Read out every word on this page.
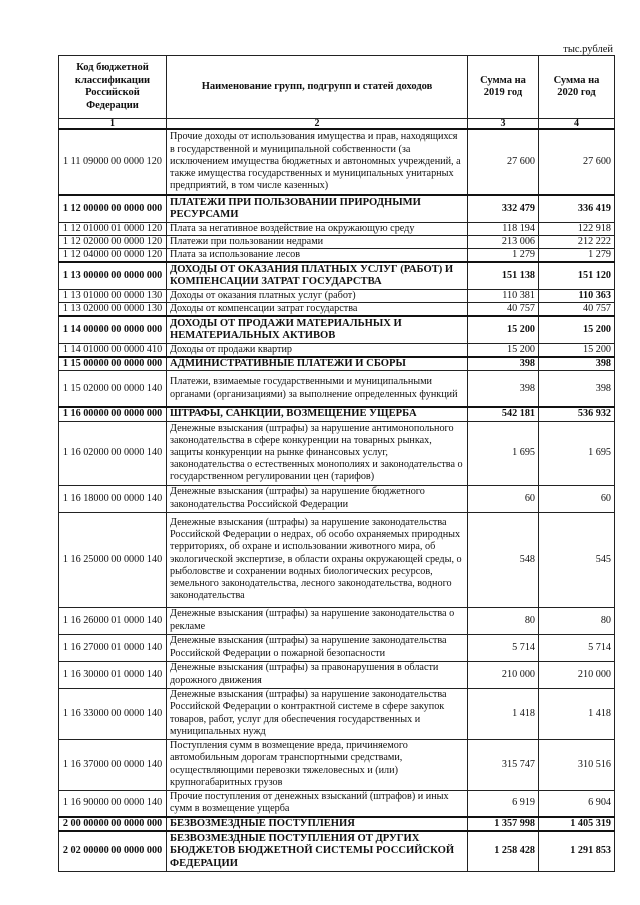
тыс.рублей
Код бюджетной классификации Российской Федерации	Наименование групп, подгрупп и статей доходов	Сумма на 2019 год	Сумма на 2020 год
1	2	3	4
1 11 09000 00 0000 120	Прочие доходы от использования имущества и прав, находящихся в государственной и муниципальной собственности (за исключением имущества бюджетных и автономных учреждений, а также имущества государственных и муниципальных унитарных предприятий, в том числе казенных)	27 600	27 600
1 12 00000 00 0000 000	ПЛАТЕЖИ ПРИ ПОЛЬЗОВАНИИ ПРИРОДНЫМИ РЕСУРСАМИ	332 479	336 419
1 12 01000 01 0000 120	Плата за негативное воздействие на окружающую среду	118 194	122 918
1 12 02000 00 0000 120	Платежи при пользовании недрами	213 006	212 222
1 12 04000 00 0000 120	Плата за использование лесов	1 279	1 279
1 13 00000 00 0000 000	ДОХОДЫ ОТ ОКАЗАНИЯ ПЛАТНЫХ УСЛУГ (РАБОТ) И КОМПЕНСАЦИИ ЗАТРАТ ГОСУДАРСТВА	151 138	151 120
1 13 01000 00 0000 130	Доходы от оказания платных услуг (работ)	110 381	110 363
1 13 02000 00 0000 130	Доходы от компенсации затрат государства	40 757	40 757
1 14 00000 00 0000 000	ДОХОДЫ ОТ ПРОДАЖИ МАТЕРИАЛЬНЫХ И НЕМАТЕРИАЛЬНЫХ АКТИВОВ	15 200	15 200
1 14 01000 00 0000 410	Доходы от продажи квартир	15 200	15 200
1 15 00000 00 0000 000	АДМИНИСТРАТИВНЫЕ ПЛАТЕЖИ И СБОРЫ	398	398
1 15 02000 00 0000 140	Платежи, взимаемые государственными и муниципальными органами (организациями) за выполнение определенных функций	398	398
1 16 00000 00 0000 000	ШТРАФЫ, САНКЦИИ, ВОЗМЕЩЕНИЕ УЩЕРБА	542 181	536 932
1 16 02000 00 0000 140	Денежные взыскания (штрафы) за нарушение антимонопольного законодательства в сфере конкуренции на товарных рынках, защиты конкуренции на рынке финансовых услуг, законодательства о естественных монополиях и законодательства о государственном регулировании цен (тарифов)	1 695	1 695
1 16 18000 00 0000 140	Денежные взыскания (штрафы) за нарушение бюджетного законодательства Российской Федерации	60	60
1 16 25000 00 0000 140	Денежные взыскания (штрафы) за нарушение законодательства Российской Федерации о недрах, об особо охраняемых природных территориях, об охране и использовании животного мира, об экологической экспертизе, в области охраны окружающей среды, о рыболовстве и сохранении водных биологических ресурсов, земельного законодательства, лесного законодательства, водного законодательства	548	545
1 16 26000 01 0000 140	Денежные взыскания (штрафы) за нарушение законодательства о рекламе	80	80
1 16 27000 01 0000 140	Денежные взыскания (штрафы) за нарушение законодательства Российской Федерации о пожарной безопасности	5 714	5 714
1 16 30000 01 0000 140	Денежные взыскания (штрафы) за правонарушения в области дорожного движения	210 000	210 000
1 16 33000 00 0000 140	Денежные взыскания (штрафы) за нарушение законодательства Российской Федерации о контрактной системе в сфере закупок товаров, работ, услуг для обеспечения государственных и муниципальных нужд	1 418	1 418
1 16 37000 00 0000 140	Поступления сумм в возмещение вреда, причиняемого автомобильным дорогам транспортными средствами, осуществляющими перевозки тяжеловесных и (или) крупногабаритных грузов	315 747	310 516
1 16 90000 00 0000 140	Прочие поступления от денежных взысканий (штрафов) и иных сумм в возмещение ущерба	6 919	6 904
2 00 00000 00 0000 000	БЕЗВОЗМЕЗДНЫЕ ПОСТУПЛЕНИЯ	1 357 998	1 405 319
2 02 00000 00 0000 000	БЕЗВОЗМЕЗДНЫЕ ПОСТУПЛЕНИЯ ОТ ДРУГИХ БЮДЖЕТОВ БЮДЖЕТНОЙ СИСТЕМЫ РОССИЙСКОЙ ФЕДЕРАЦИИ	1 258 428	1 291 853
